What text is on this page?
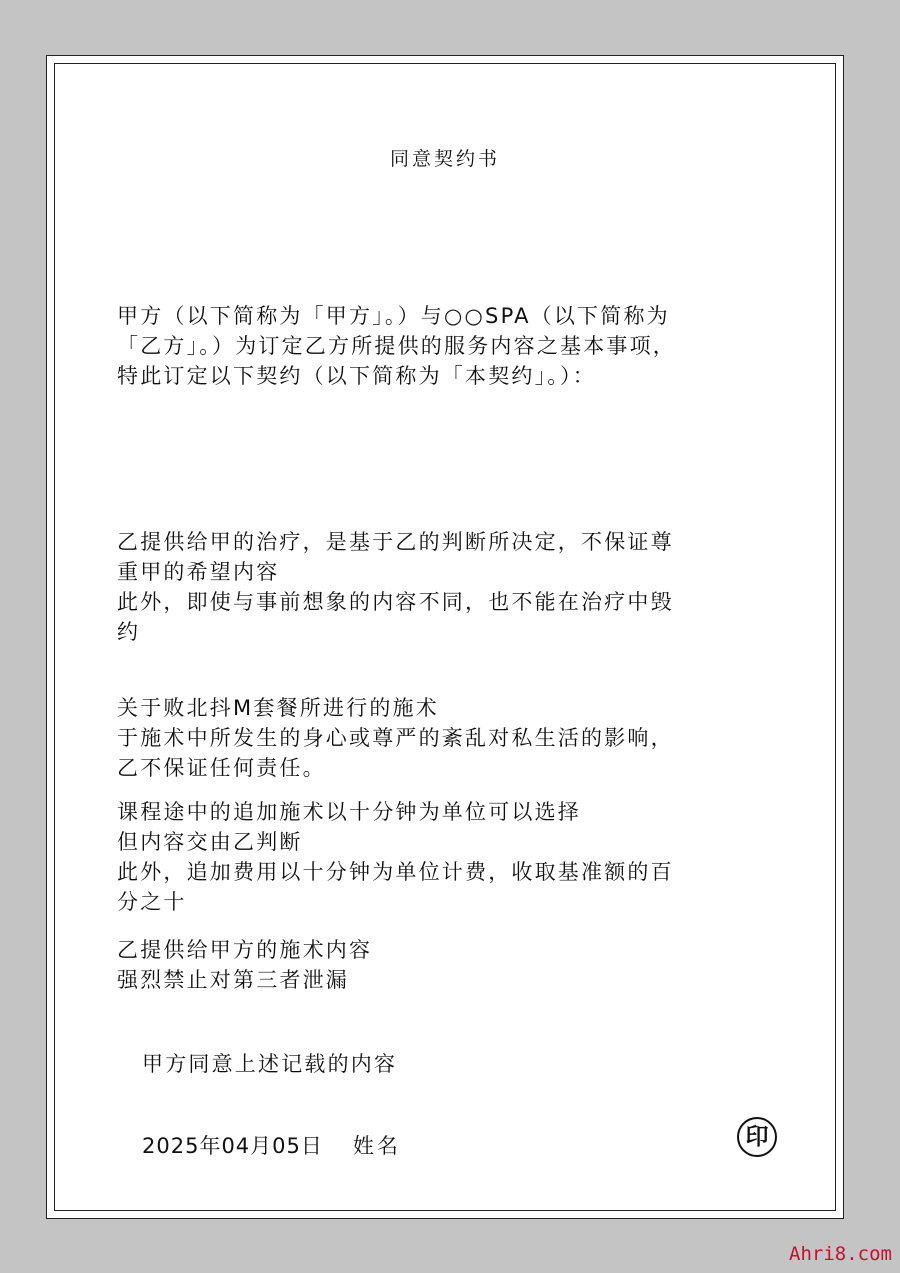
同意契约书

甲方（以下简称为「甲方」。）与○○SPA（以下简称为
「乙方」。）为订定乙方所提供的服务内容之基本事项，
特此订定以下契约（以下简称为「本契约」。）：

乙提供给甲的治疗，是基于乙的判断所决定，不保证尊
重甲的希望内容
此外，即使与事前想象的内容不同，也不能在治疗中毁
约

关于败北抖M套餐所进行的施术
于施术中所发生的身心或尊严的紊乱对私生活的影响，
乙不保证任何责任。

课程途中的追加施术以十分钟为单位可以选择
但内容交由乙判断
此外，追加费用以十分钟为单位计费，收取基准额的百
分之十

乙提供给甲方的施术内容
强烈禁止对第三者泄漏

甲方同意上述记载的内容

2025年04月05日 姓名	印
Ahri8.com
